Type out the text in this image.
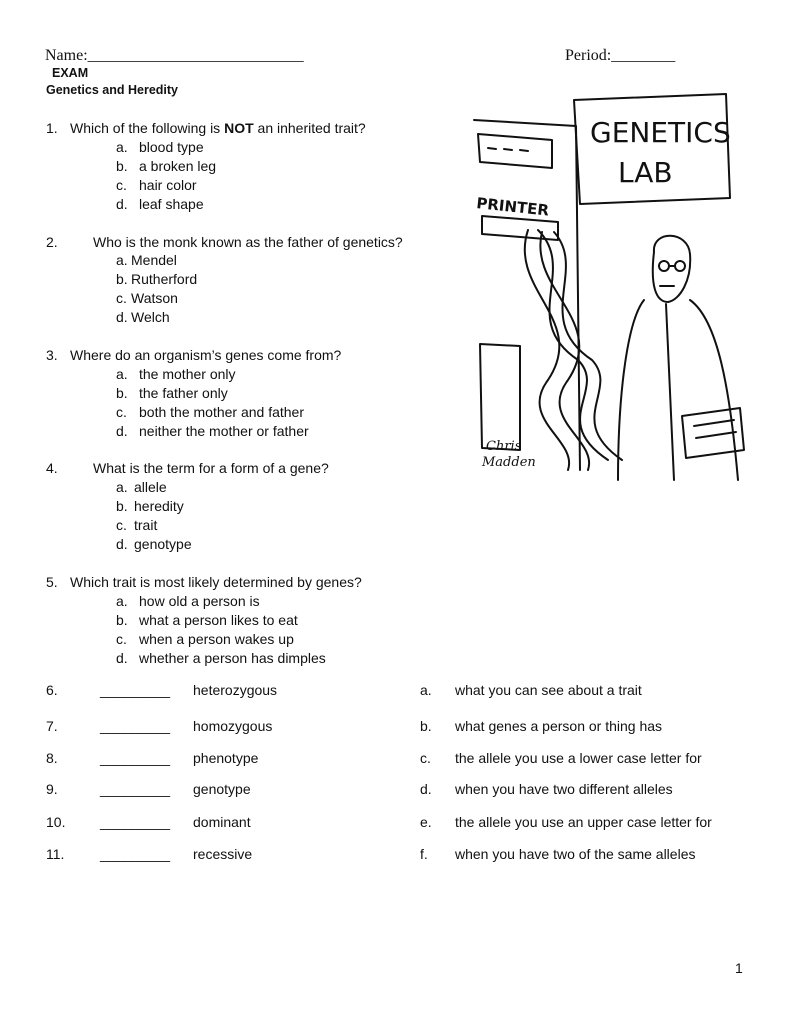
Name:___________________________	Period:________
EXAM
Genetics and Heredity
1. Which of the following is NOT an inherited trait?
a. blood type
b. a broken leg
c. hair color
d. leaf shape
2.	Who is the monk known as the father of genetics?
a. Mendel
b. Rutherford
c. Watson
d. Welch
3. Where do an organism’s genes come from?
a. the mother only
b. the father only
c. both the mother and father
d. neither the mother or father
4.	What is the term for a form of a gene?
a. allele
b. heredity
c. trait
d. genotype
5. Which trait is most likely determined by genes?
a. how old a person is
b. what a person likes to eat
c. when a person wakes up
d. whether a person has dimples
6.	_________ heterozygous	a. what you can see about a trait
7.	_________ homozygous	b. what genes a person or thing has
8.	_________ phenotype	c. the allele you use a lower case letter for
9.	_________ genotype	d. when you have two different alleles
10. _________ dominant	e. the allele you use an upper case letter for
11.	_________ recessive	f. when you have two of the same alleles
GENETICS
LAB
PRINTER
Chris
Madden
1
